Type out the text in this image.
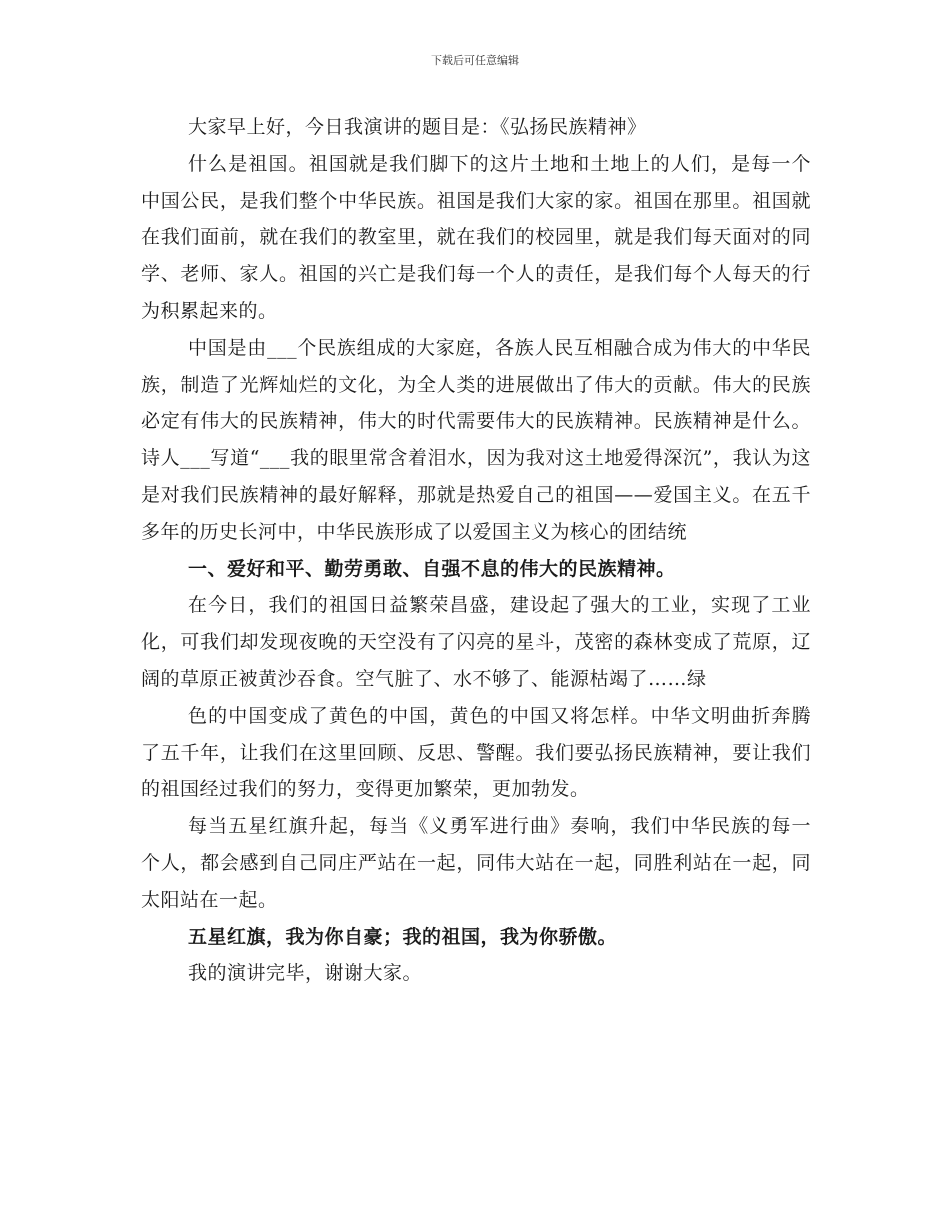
下载后可任意编辑

大家早上好，今日我演讲的题目是：《弘扬民族精神》

什么是祖国。祖国就是我们脚下的这片土地和土地上的人们，是每一个中国公民，是我们整个中华民族。祖国是我们大家的家。祖国在那里。祖国就在我们面前，就在我们的教室里，就在我们的校园里，就是我们每天面对的同学、老师、家人。祖国的兴亡是我们每一个人的责任，是我们每个人每天的行为积累起来的。

中国是由___个民族组成的大家庭，各族人民互相融合成为伟大的中华民族，制造了光辉灿烂的文化，为全人类的进展做出了伟大的贡献。伟大的民族必定有伟大的民族精神，伟大的时代需要伟大的民族精神。民族精神是什么。诗人___写道“___我的眼里常含着泪水，因为我对这土地爱得深沉”，我认为这是对我们民族精神的最好解释，那就是热爱自己的祖国——爱国主义。在五千多年的历史长河中，中华民族形成了以爱国主义为核心的团结统

一、爱好和平、勤劳勇敢、自强不息的伟大的民族精神。

在今日，我们的祖国日益繁荣昌盛，建设起了强大的工业，实现了工业化，可我们却发现夜晚的天空没有了闪亮的星斗，茂密的森林变成了荒原，辽阔的草原正被黄沙吞食。空气脏了、水不够了、能源枯竭了……绿

色的中国变成了黄色的中国，黄色的中国又将怎样。中华文明曲折奔腾了五千年，让我们在这里回顾、反思、警醒。我们要弘扬民族精神，要让我们的祖国经过我们的努力，变得更加繁荣，更加勃发。

每当五星红旗升起，每当《义勇军进行曲》奏响，我们中华民族的每一个人，都会感到自己同庄严站在一起，同伟大站在一起，同胜利站在一起，同太阳站在一起。

五星红旗，我为你自豪；我的祖国，我为你骄傲。

我的演讲完毕，谢谢大家。
